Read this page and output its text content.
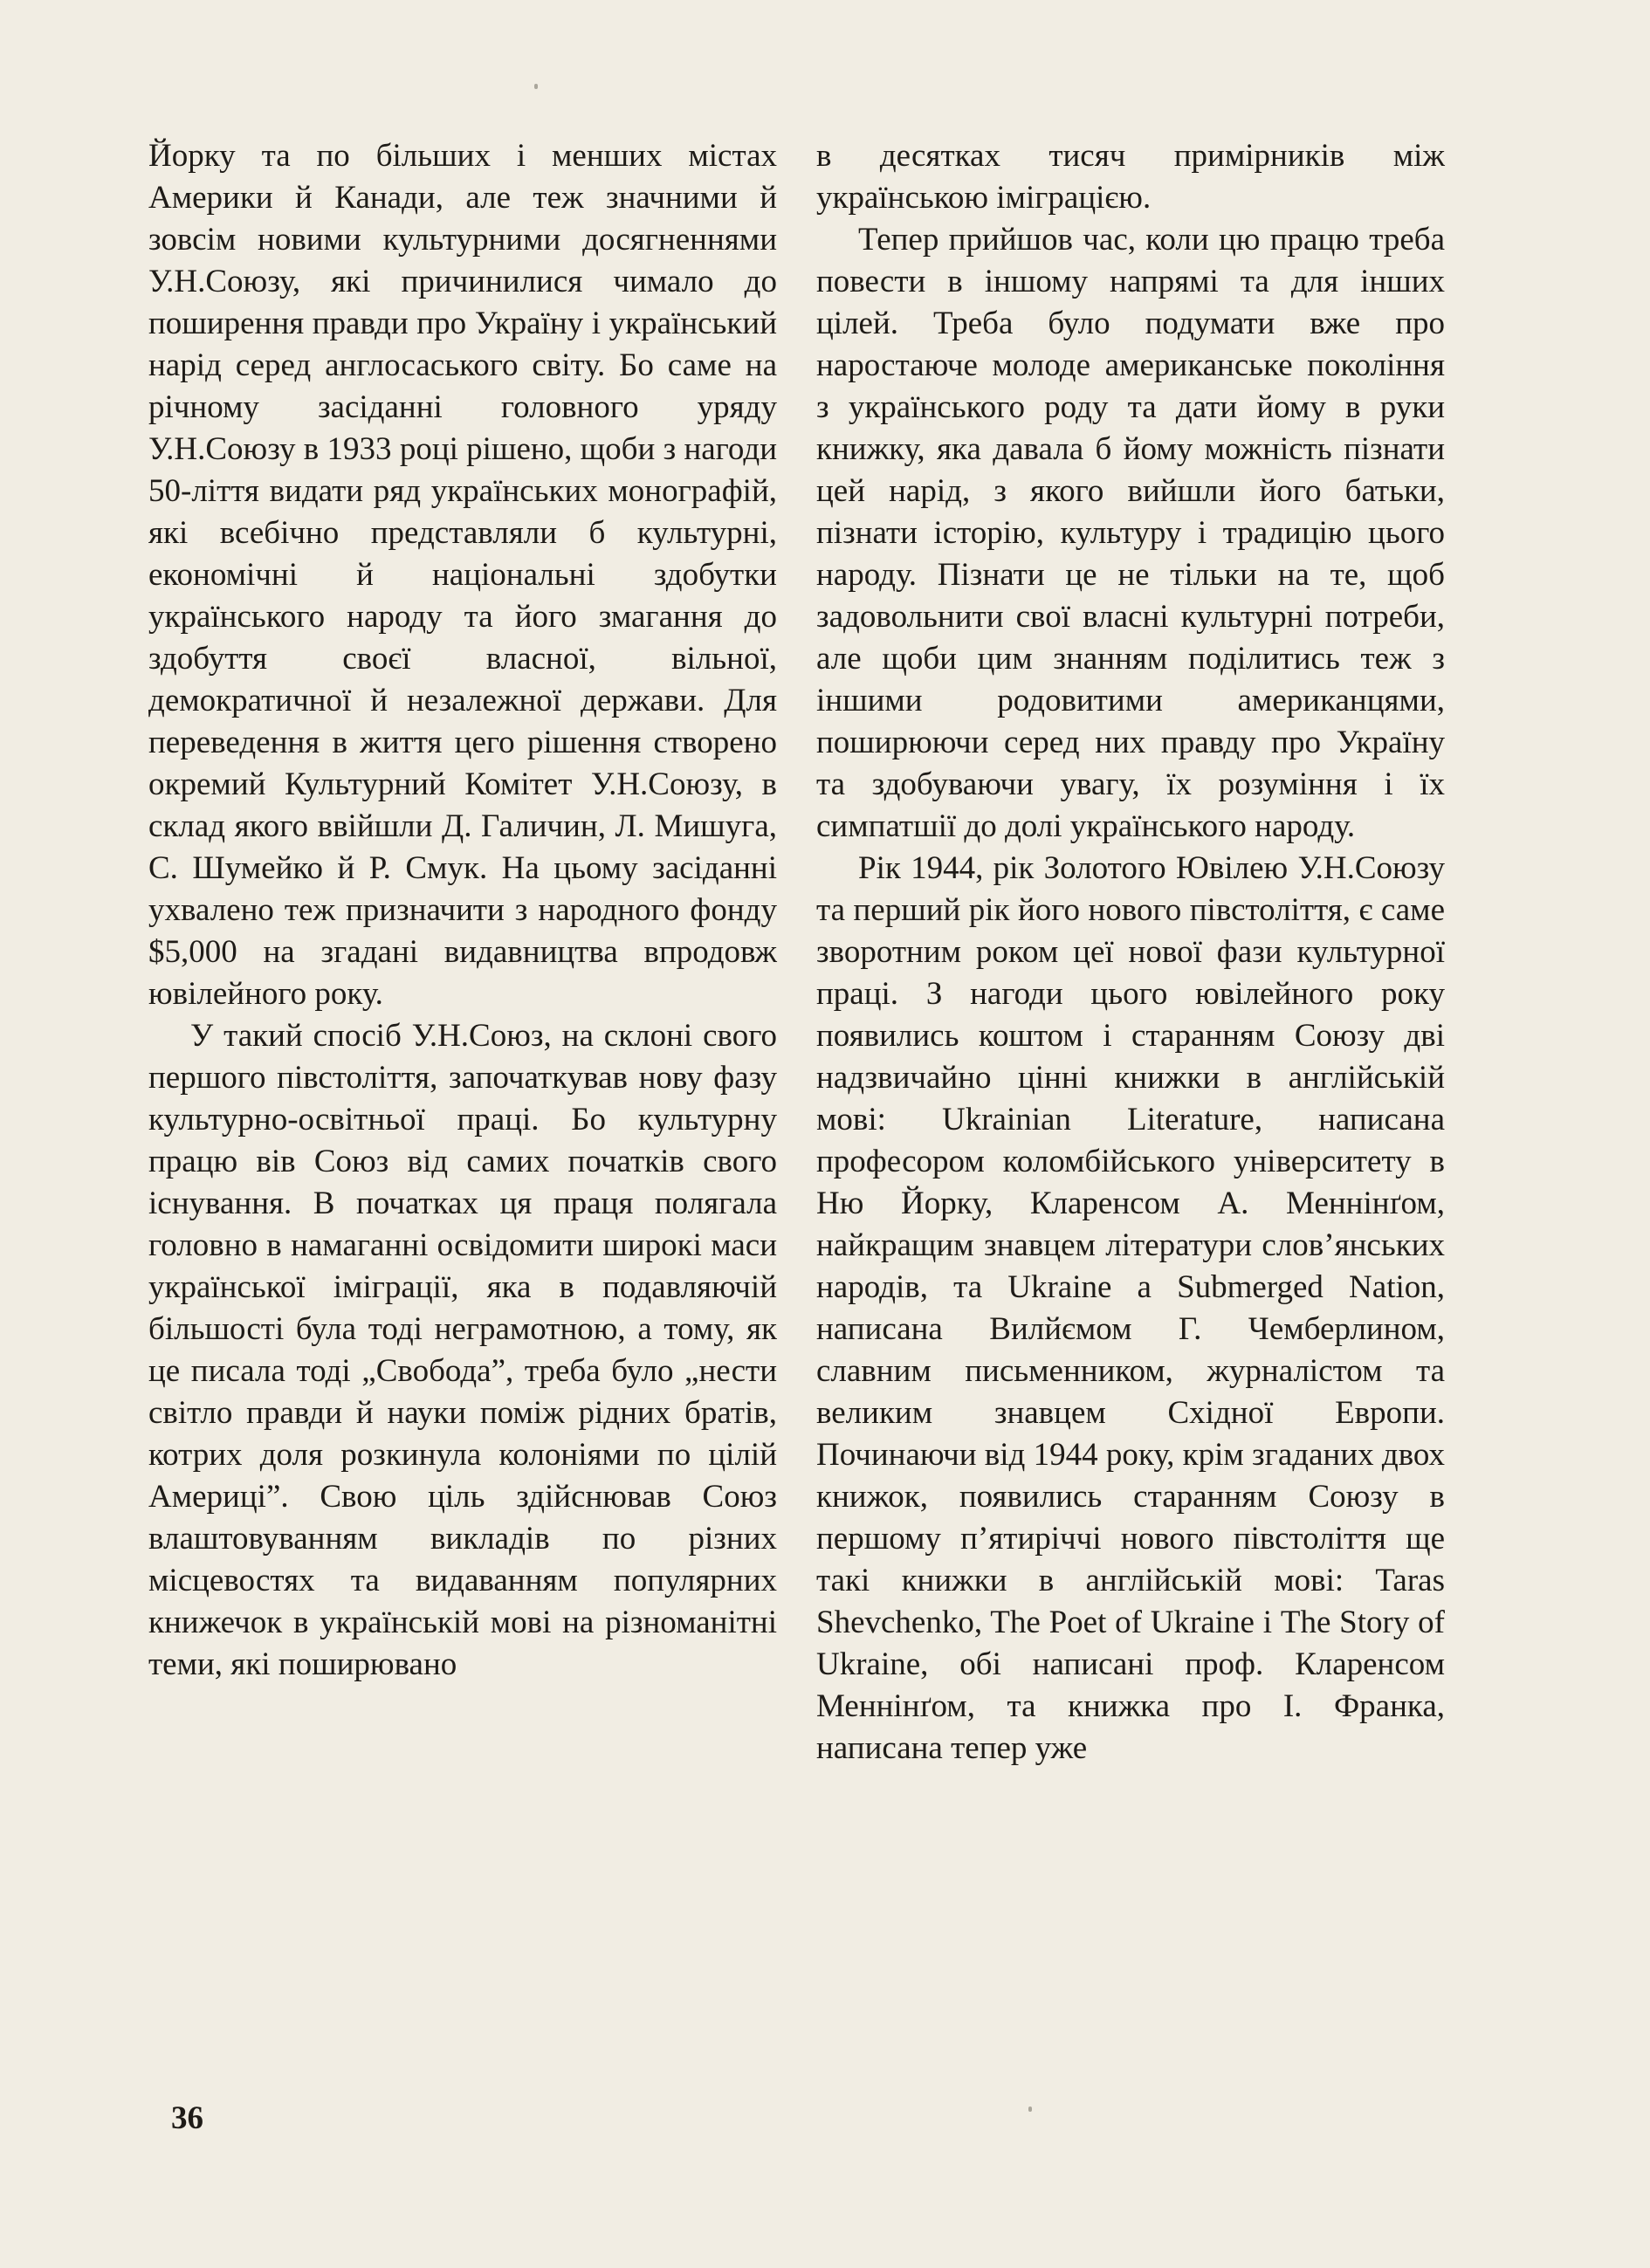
Йорку та по більших і менших містах Америки й Канади, але теж значними й зовсім новими культурними досягненнями У.Н.Союзу, які причинилися чимало до поширення правди про Україну і український нарід серед англосаського світу. Бо саме на річному засіданні головного уряду У.Н.Союзу в 1933 році рішено, щоби з нагоди 50-ліття видати ряд українських монографій, які всебічно представляли б культурні, економічні й національні здобутки українського народу та його змагання до здобуття своєї власної, вільної, демократичної й незалежної держави. Для переведення в життя цего рішення створено окремий Культурний Комітет У.Н.Союзу, в склад якого ввійшли Д. Галичин, Л. Мишуга, С. Шумейко й Р. Смук. На цьому засіданні ухвалено теж призначити з народного фонду $5,000 на згадані видавництва впродовж ювілейного року.

У такий спосіб У.Н.Союз, на склоні свого першого півстоліття, започаткував нову фазу культурно-освітньої праці. Бо культурну працю вів Союз від самих початків свого існування. В початках ця праця полягала головно в намаганні освідомити широкі маси української іміграції, яка в подавляючій більшості була тоді неграмотною, а тому, як це писала тоді „Свобода”, треба було „нести світло правди й науки поміж рідних братів, котрих доля розкинула колоніями по цілій Америці”. Свою ціль здійснював Союз влаштовуванням викладів по різних місцевостях та видаванням популярних книжечок в українській мові на різноманітні теми, які поширювано

в десятках тисяч примірників між українською іміграцією.

Тепер прийшов час, коли цю працю треба повести в іншому напрямі та для інших цілей. Треба було подумати вже про наростаюче молоде американське покоління з українського роду та дати йому в руки книжку, яка давала б йому можність пізнати цей нарід, з якого вийшли його батьки, пізнати історію, культуру і традицію цього народу. Пізнати це не тільки на те, щоб задовольнити свої власні культурні потреби, але щоби цим знанням поділитись теж з іншими родовитими американцями, поширюючи серед них правду про Україну та здобуваючи увагу, їх розуміння і їх симпатшії до долі українського народу.

Рік 1944, рік Золотого Ювілею У.Н.Союзу та перший рік його нового півстоліття, є саме зворотним роком цеї нової фази культурної праці. З нагоди цього ювілейного року появились коштом і старанням Союзу дві надзвичайно цінні книжки в англійській мові: Ukrainian Literature, написана професором коломбійського університету в Ню Йорку, Кларенсом А. Меннінґом, найкращим знавцем літератури слов’янських народів, та Ukraine a Submerged Nation, написана Вилйємом Г. Чемберлином, славним письменником, журналістом та великим знавцем Східної Европи. Починаючи від 1944 року, крім згаданих двох книжок, появились старанням Союзу в першому п’ятиріччі нового півстоліття ще такі книжки в англійській мові: Taras Shevchenko, The Poet of Ukraine і The Story of Ukraine, обі написані проф. Кларенсом Меннінґом, та книжка про І. Франка, написана тепер уже

36
